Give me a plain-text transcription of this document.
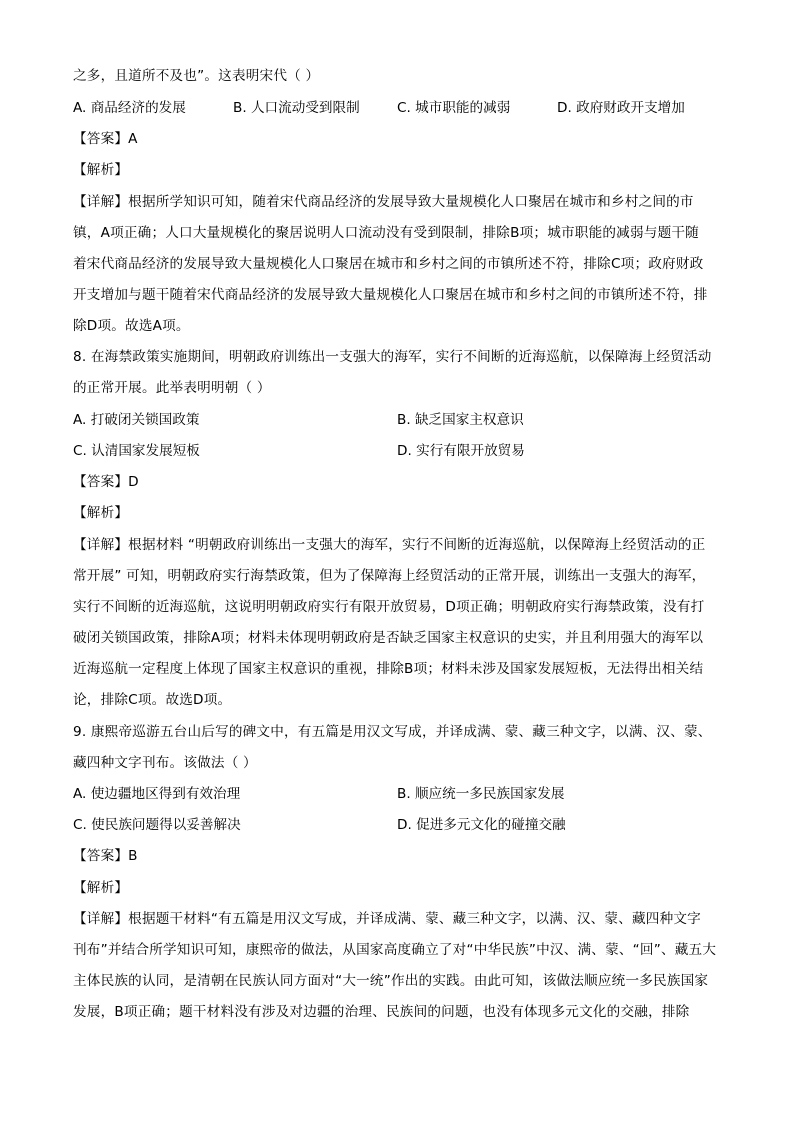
之多，且道所不及也”。这表明宋代（ ）
A. 商品经济的发展	B. 人口流动受到限制	C. 城市职能的减弱	D. 政府财政开支增加
【答案】A
【解析】
【详解】根据所学知识可知，随着宋代商品经济的发展导致大量规模化人口聚居在城市和乡村之间的市
镇，A项正确；人口大量规模化的聚居说明人口流动没有受到限制，排除B项；城市职能的减弱与题干随
着宋代商品经济的发展导致大量规模化人口聚居在城市和乡村之间的市镇所述不符，排除C项；政府财政
开支增加与题干随着宋代商品经济的发展导致大量规模化人口聚居在城市和乡村之间的市镇所述不符，排
除D项。故选A项。
8. 在海禁政策实施期间，明朝政府训练出一支强大的海军，实行不间断的近海巡航，以保障海上经贸活动
的正常开展。此举表明明朝（ ）
A. 打破闭关锁国政策	B. 缺乏国家主权意识
C. 认清国家发展短板	D. 实行有限开放贸易
【答案】D
【解析】
【详解】根据材料 “明朝政府训练出一支强大的海军，实行不间断的近海巡航，以保障海上经贸活动的正
常开展” 可知，明朝政府实行海禁政策，但为了保障海上经贸活动的正常开展，训练出一支强大的海军，
实行不间断的近海巡航，这说明明朝政府实行有限开放贸易，D项正确；明朝政府实行海禁政策，没有打
破闭关锁国政策，排除A项；材料未体现明朝政府是否缺乏国家主权意识的史实，并且利用强大的海军以
近海巡航一定程度上体现了国家主权意识的重视，排除B项；材料未涉及国家发展短板，无法得出相关结
论，排除C项。故选D项。
9. 康熙帝巡游五台山后写的碑文中，有五篇是用汉文写成，并译成满、蒙、藏三种文字，以满、汉、蒙、
藏四种文字刊布。该做法（ ）
A. 使边疆地区得到有效治理	B. 顺应统一多民族国家发展
C. 使民族问题得以妥善解决	D. 促进多元文化的碰撞交融
【答案】B
【解析】
【详解】根据题干材料“有五篇是用汉文写成，并译成满、蒙、藏三种文字，以满、汉、蒙、藏四种文字
刊布”并结合所学知识可知，康熙帝的做法，从国家高度确立了对“中华民族”中汉、满、蒙、“回”、藏五大
主体民族的认同，是清朝在民族认同方面对“大一统”作出的实践。由此可知，该做法顺应统一多民族国家
发展，B项正确；题干材料没有涉及对边疆的治理、民族间的问题，也没有体现多元文化的交融，排除
